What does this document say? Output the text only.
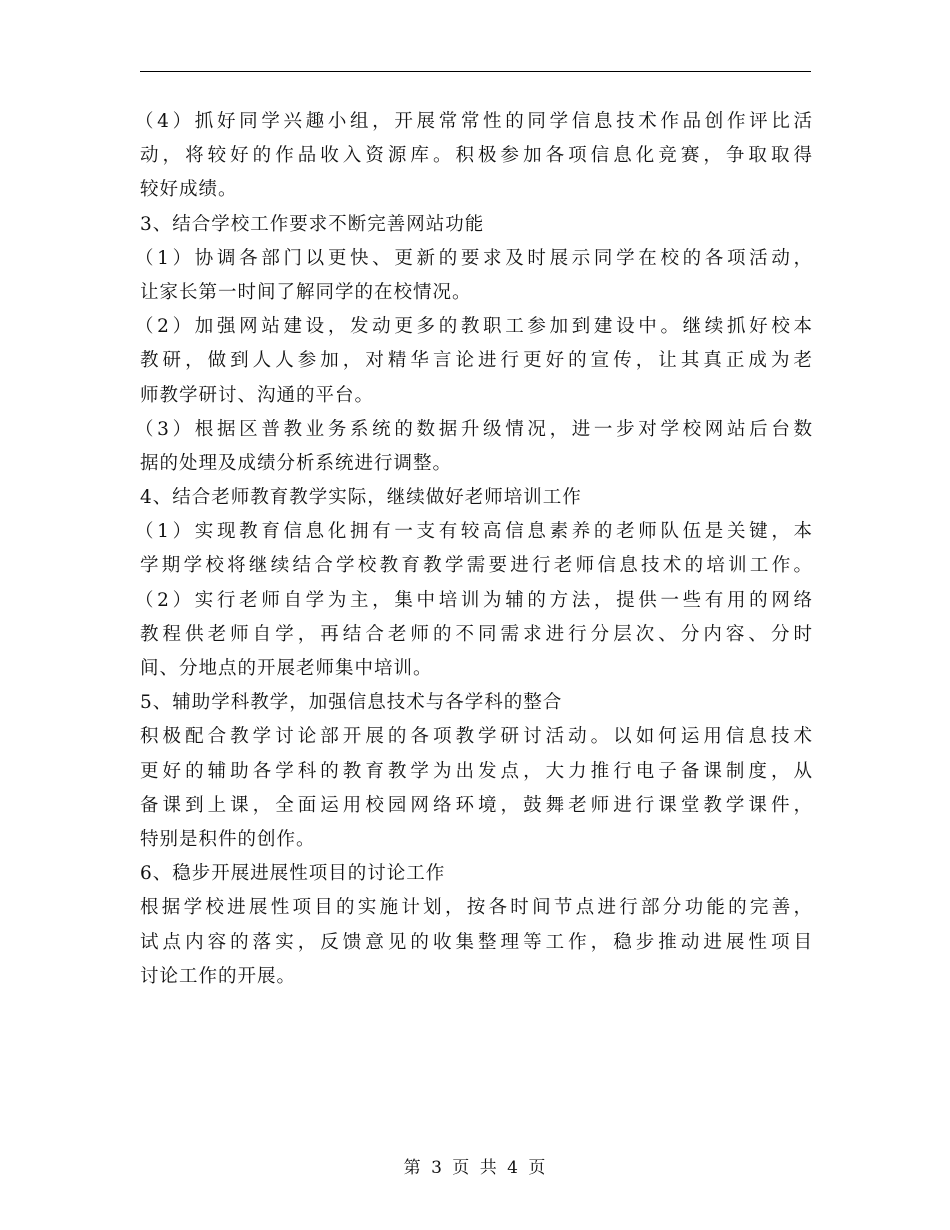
（4）抓好同学兴趣小组，开展常常性的同学信息技术作品创作评比活
动，将较好的作品收入资源库。积极参加各项信息化竞赛，争取取得
较好成绩。
3、结合学校工作要求不断完善网站功能
（1）协调各部门以更快、更新的要求及时展示同学在校的各项活动，
让家长第一时间了解同学的在校情况。
（2）加强网站建设，发动更多的教职工参加到建设中。继续抓好校本
教研，做到人人参加，对精华言论进行更好的宣传，让其真正成为老
师教学研讨、沟通的平台。
（3）根据区普教业务系统的数据升级情况，进一步对学校网站后台数
据的处理及成绩分析系统进行调整。
4、结合老师教育教学实际，继续做好老师培训工作
（1）实现教育信息化拥有一支有较高信息素养的老师队伍是关键，本
学期学校将继续结合学校教育教学需要进行老师信息技术的培训工作。
（2）实行老师自学为主，集中培训为辅的方法，提供一些有用的网络
教程供老师自学，再结合老师的不同需求进行分层次、分内容、分时
间、分地点的开展老师集中培训。
5、辅助学科教学，加强信息技术与各学科的整合
积极配合教学讨论部开展的各项教学研讨活动。以如何运用信息技术
更好的辅助各学科的教育教学为出发点，大力推行电子备课制度，从
备课到上课，全面运用校园网络环境，鼓舞老师进行课堂教学课件，
特别是积件的创作。
6、稳步开展进展性项目的讨论工作
根据学校进展性项目的实施计划，按各时间节点进行部分功能的完善，
试点内容的落实，反馈意见的收集整理等工作，稳步推动进展性项目
讨论工作的开展。
第 3 页 共 4 页
